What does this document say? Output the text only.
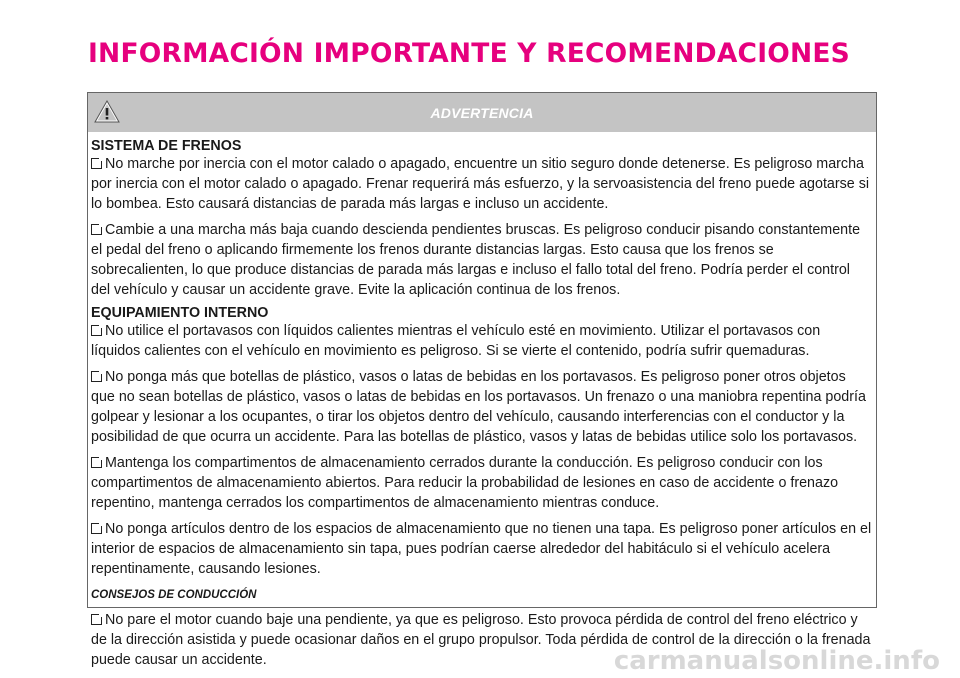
INFORMACIÓN IMPORTANTE Y RECOMENDACIONES
ADVERTENCIA
SISTEMA DE FRENOS

No marche por inercia con el motor calado o apagado, encuentre un sitio seguro donde detenerse. Es peligroso marcha por inercia con el motor calado o apagado. Frenar requerirá más esfuerzo, y la servoasistencia del freno puede agotarse si lo bombea. Esto causará distancias de parada más largas e incluso un accidente.

Cambie a una marcha más baja cuando descienda pendientes bruscas. Es peligroso conducir pisando constantemente el pedal del freno o aplicando firmemente los frenos durante distancias largas. Esto causa que los frenos se sobrecalienten, lo que produce distancias de parada más largas e incluso el fallo total del freno. Podría perder el control del vehículo y causar un accidente grave. Evite la aplicación continua de los frenos.

EQUIPAMIENTO INTERNO

No utilice el portavasos con líquidos calientes mientras el vehículo esté en movimiento. Utilizar el portavasos con líquidos calientes con el vehículo en movimiento es peligroso. Si se vierte el contenido, podría sufrir quemaduras.

No ponga más que botellas de plástico, vasos o latas de bebidas en los portavasos. Es peligroso poner otros objetos que no sean botellas de plástico, vasos o latas de bebidas en los portavasos. Un frenazo o una maniobra repentina podría golpear y lesionar a los ocupantes, o tirar los objetos dentro del vehículo, causando interferencias con el conductor y la posibilidad de que ocurra un accidente. Para las botellas de plástico, vasos y latas de bebidas utilice solo los portavasos.

Mantenga los compartimentos de almacenamiento cerrados durante la conducción. Es peligroso conducir con los compartimentos de almacenamiento abiertos. Para reducir la probabilidad de lesiones en caso de accidente o frenazo repentino, mantenga cerrados los compartimentos de almacenamiento mientras conduce.

No ponga artículos dentro de los espacios de almacenamiento que no tienen una tapa. Es peligroso poner artículos en el interior de espacios de almacenamiento sin tapa, pues podrían caerse alrededor del habitáculo si el vehículo acelera repentinamente, causando lesiones.

CONSEJOS DE CONDUCCIÓN

No pare el motor cuando baje una pendiente, ya que es peligroso. Esto provoca pérdida de control del freno eléctrico y de la dirección asistida y puede ocasionar daños en el grupo propulsor. Toda pérdida de control de la dirección o la frenada puede causar un accidente.	carmanualsonline.info
